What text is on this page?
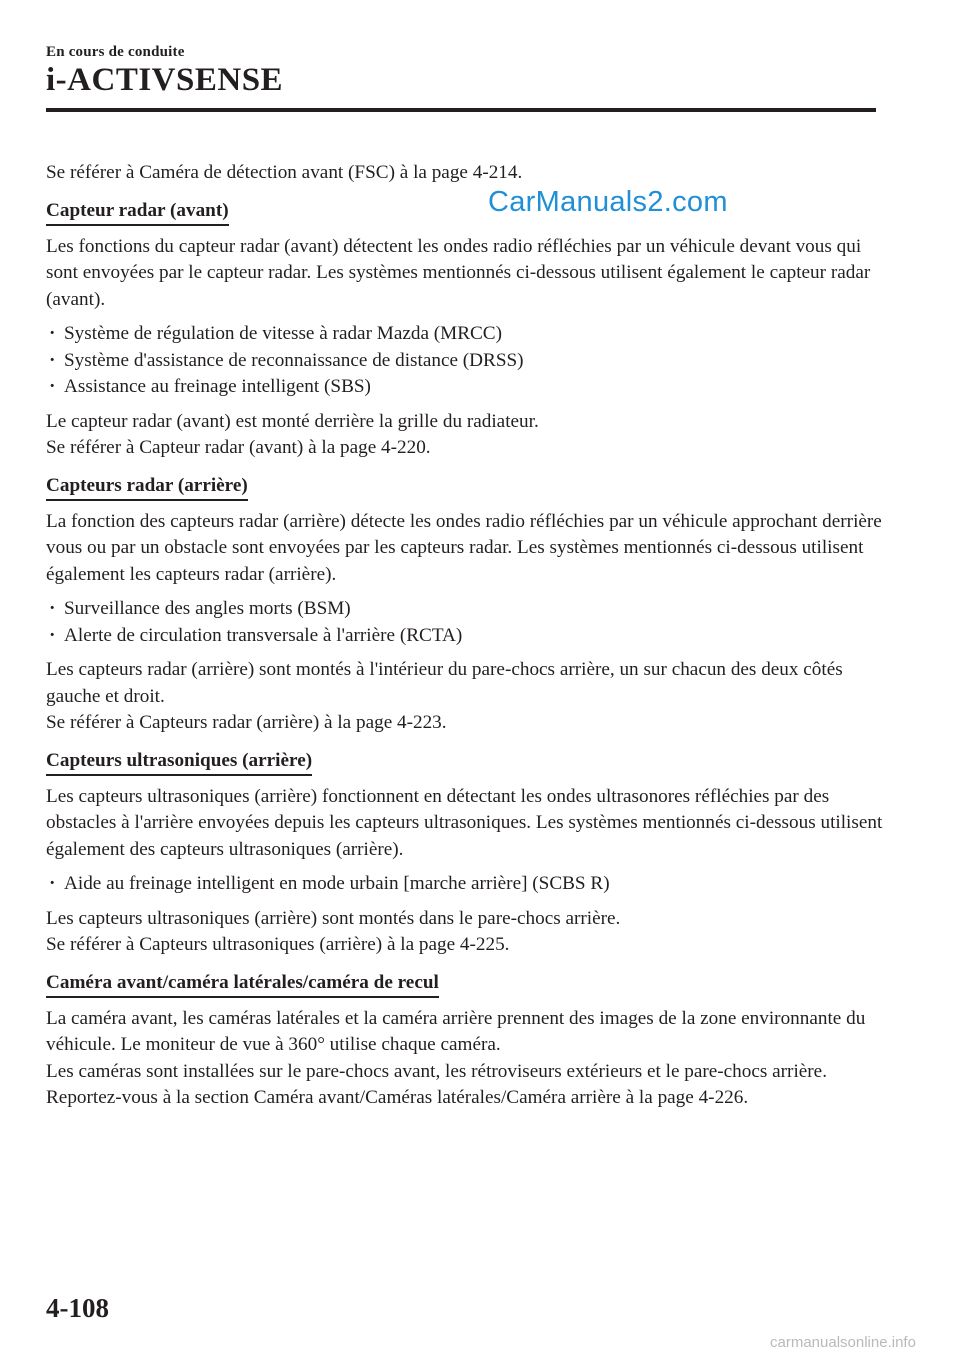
En cours de conduite
i-ACTIVSENSE
CarManuals2.com

Se référer à Caméra de détection avant (FSC) à la page 4-214.

Capteur radar (avant)

Les fonctions du capteur radar (avant) détectent les ondes radio réfléchies par un véhicule devant vous qui sont envoyées par le capteur radar. Les systèmes mentionnés ci-dessous utilisent également le capteur radar (avant).

· Système de régulation de vitesse à radar Mazda (MRCC)
· Système d'assistance de reconnaissance de distance (DRSS)
· Assistance au freinage intelligent (SBS)

Le capteur radar (avant) est monté derrière la grille du radiateur.

Se référer à Capteur radar (avant) à la page 4-220.

Capteurs radar (arrière)

La fonction des capteurs radar (arrière) détecte les ondes radio réfléchies par un véhicule approchant derrière vous ou par un obstacle sont envoyées par les capteurs radar. Les systèmes mentionnés ci-dessous utilisent également les capteurs radar (arrière).

· Surveillance des angles morts (BSM)
· Alerte de circulation transversale à l'arrière (RCTA)

Les capteurs radar (arrière) sont montés à l'intérieur du pare-chocs arrière, un sur chacun des deux côtés gauche et droit.

Se référer à Capteurs radar (arrière) à la page 4-223.

Capteurs ultrasoniques (arrière)

Les capteurs ultrasoniques (arrière) fonctionnent en détectant les ondes ultrasonores réfléchies par des obstacles à l'arrière envoyées depuis les capteurs ultrasoniques. Les systèmes mentionnés ci-dessous utilisent également des capteurs ultrasoniques (arrière).

· Aide au freinage intelligent en mode urbain [marche arrière] (SCBS R)

Les capteurs ultrasoniques (arrière) sont montés dans le pare-chocs arrière.

Se référer à Capteurs ultrasoniques (arrière) à la page 4-225.

Caméra avant/caméra latérales/caméra de recul

La caméra avant, les caméras latérales et la caméra arrière prennent des images de la zone environnante du véhicule. Le moniteur de vue à 360° utilise chaque caméra.

Les caméras sont installées sur le pare-chocs avant, les rétroviseurs extérieurs et le pare-chocs arrière.

Reportez-vous à la section Caméra avant/Caméras latérales/Caméra arrière à la page 4-226.

4-108
carmanualsonline.info
